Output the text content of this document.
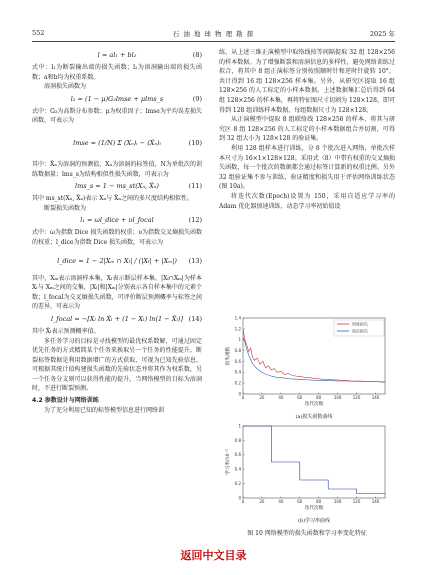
552	石 油 地 球 物 理 勘 探	2025 年
l = al₁ + bl₂	(8)

式中：l₁为断裂输出端的损失函数；l₂为溶洞输出端的损失函数；a和b均为权重系数。

溶洞损失函数为

l₂ = (1 − μ)G₃lmse + μlms_s	(9)

式中：G₃为高斯分布参数；μ为权重因子；lmse为平均误差损失函数，可表示为

lmse = (1/N) Σ (Xₙ)ᵢ − (X̂ₙ)ᵢ	(10)

其中：X̂ₙ为溶洞的预测值，Xₙ为溶洞的标签值，N为单批次的训练数据量；lms_s为结构相似性损失函数，可表示为

lms_s = 1 − ms_st(Xₙ, X̂ₙ)	(11)

其中 ms_st(Xₙ, X̂ₙ)表示 Xₙ与 X̂ₙ之间的多尺度结构相似性。

断裂损失函数为

l₁ = ωl_dice + υl_focal	(12)

式中：ω为指数 Dice 损失函数的权重；υ为指数交叉熵损失函数的权重；l_dice为指数 Dice 损失函数，可表示为

l_dice = 1 − 2|Xₘ ∩ Xₗ| / (|Xₗ| + |Xₘ|) (13)

其中，Xₘ表示溶洞样本集，Xₗ表示断层样本集，|Xₗ∩Xₘ|为样本 Xₗ与 Xₘ之间的交集，|Xₗ|和|Xₘ|分别表示各自样本集中的元素个数；l_focal为交叉熵损失函数，可评价断层预测概率与标签之间的差异，可表示为

l_focal = −[Xₗ ln X̂ₗ + (1 − Xₗ) ln(1 − X̂ₗ)] (14)

其中 X̂ₗ表示预测概率值。

多任务学习的目标是寻找模型的最优权系数解，可通过固定优先任务的方式精简某个任务来换取另一个任务的性能提升。断裂标签数据是利用数据增广的方式获取，可视为已知先验信息，可根据其统计值构建损失函数的先验状态并将其作为权系数，另一个任务分支则可以获得性能的提升。当网络模型的目标为溶洞时，不进行断裂预测。

4.2 参数设计与网络训练

为了充分利用已知的标签模型信息进行网络训

练，从上述三维正演模型中取络线按等间隔提取 32 组 128×256 的样本数据。为了增强断裂和溶洞信息的多样性，避免网络训练过拟合，将其中 8 组正演标签分别按照顺时针和逆时针旋转 10°，共计得到 16 组 128×256 样本集。另外，从研究区提取 16 组 128×256 的人工标定的小样本数据。上述数据集汇总后得到 64 组 128×256 的样本集，再将特征图尺寸切割为 128×128，即可得到 128 组训练样本数据，每组数据尺寸为 128×128。

从正演模型中提取 8 组联络线 128×256 的样本，将其与研究区 8 组 128×256 的人工标定的小样本数据组合并切割，可得到 32 组大小为 128×128 的验证集。

利用 128 组样本进行训练，分 8 个批次进入网络，单批次样本尺寸为 16×1×128×128。采用式（8）中带有权重的交叉熵损失函数，每一个批次的数据都会通过标签计算新的权重比例。另外 32 组验证集不参与训练，验证精度和损失用于评估网络训练状态(图 10a)。

将迭代次数(Epoch)设置为 150，采用自适应学习率的 Adam 优化器加速训练，动态学习率初始值设

0	20	40	60	80	100	120	140
0
0.2
0.4
0.6
0.8
1
1.2
1.4
迭代次数
损失函数
训练损失
验证损失
(a)损失函数曲线
0	20	40	60	80	100	120	140
0
0.2
0.4
0.6
0.8
1
迭代次数
学习率/10⁻³
(b)学习率曲线
图 10 网络模型的损失函数和学习率变化特征
返回中文目录
